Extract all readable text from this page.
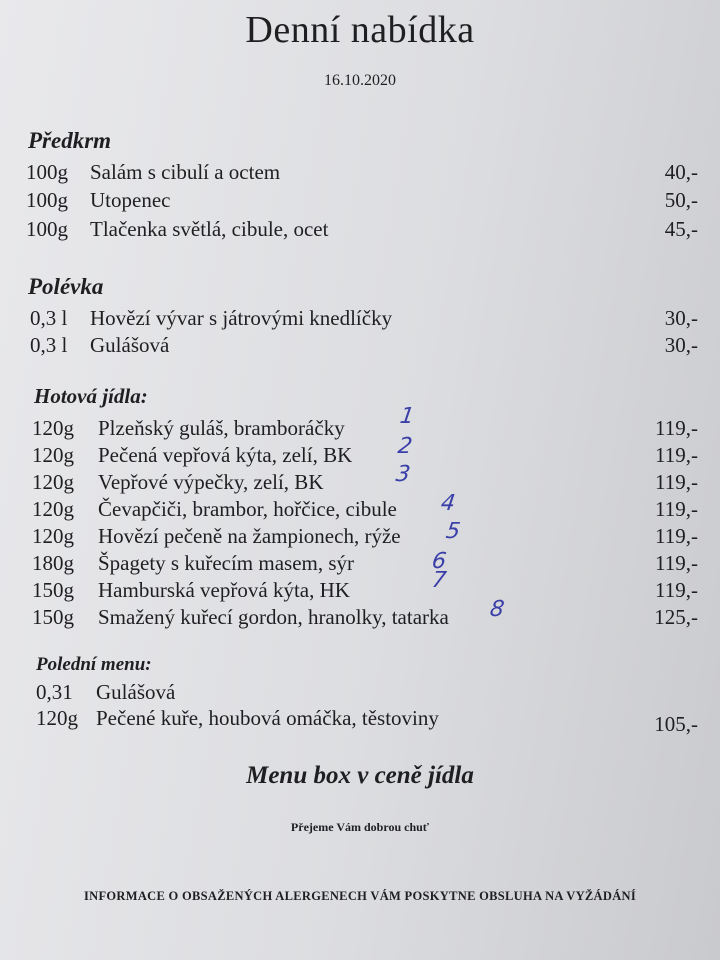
Denní nabídka
16.10.2020
Předkrm
100g Salám s cibulí a octem	40,-
100g Utopenec	50,-
100g Tlačenka světlá, cibule, ocet	45,-
Polévka
0,3 l Hovězí vývar s játrovými knedlíčky	30,-
0,3 l Gulášová	30,-
Hotová jídla:
120g Plzeňský guláš, bramboráčky 1	119,-
120g Pečená vepřová kýta, zelí, BK 2	119,-
120g Vepřové výpečky, zelí, BK	3	119,-
120g Čevapčiči, brambor, hořčice, cibule 4	119,-
120g Hovězí pečeně na žampionech, rýže 5	119,-
180g Špagety s kuřecím masem, sýr	6	119,-
150g Hamburská vepřová kýta, HK	7	119,-
150g Smažený kuřecí gordon, hranolky, tatarka 8	125,-
Polední menu:
0,31 Gulášová
120g Pečené kuře, houbová omáčka, těstoviny	105,-
Menu box v ceně jídla
Přejeme Vám dobrou chuť
INFORMACE O OBSAŽENÝCH ALERGENECH VÁM POSKYTNE OBSLUHA NA VYŽÁDÁNÍ
